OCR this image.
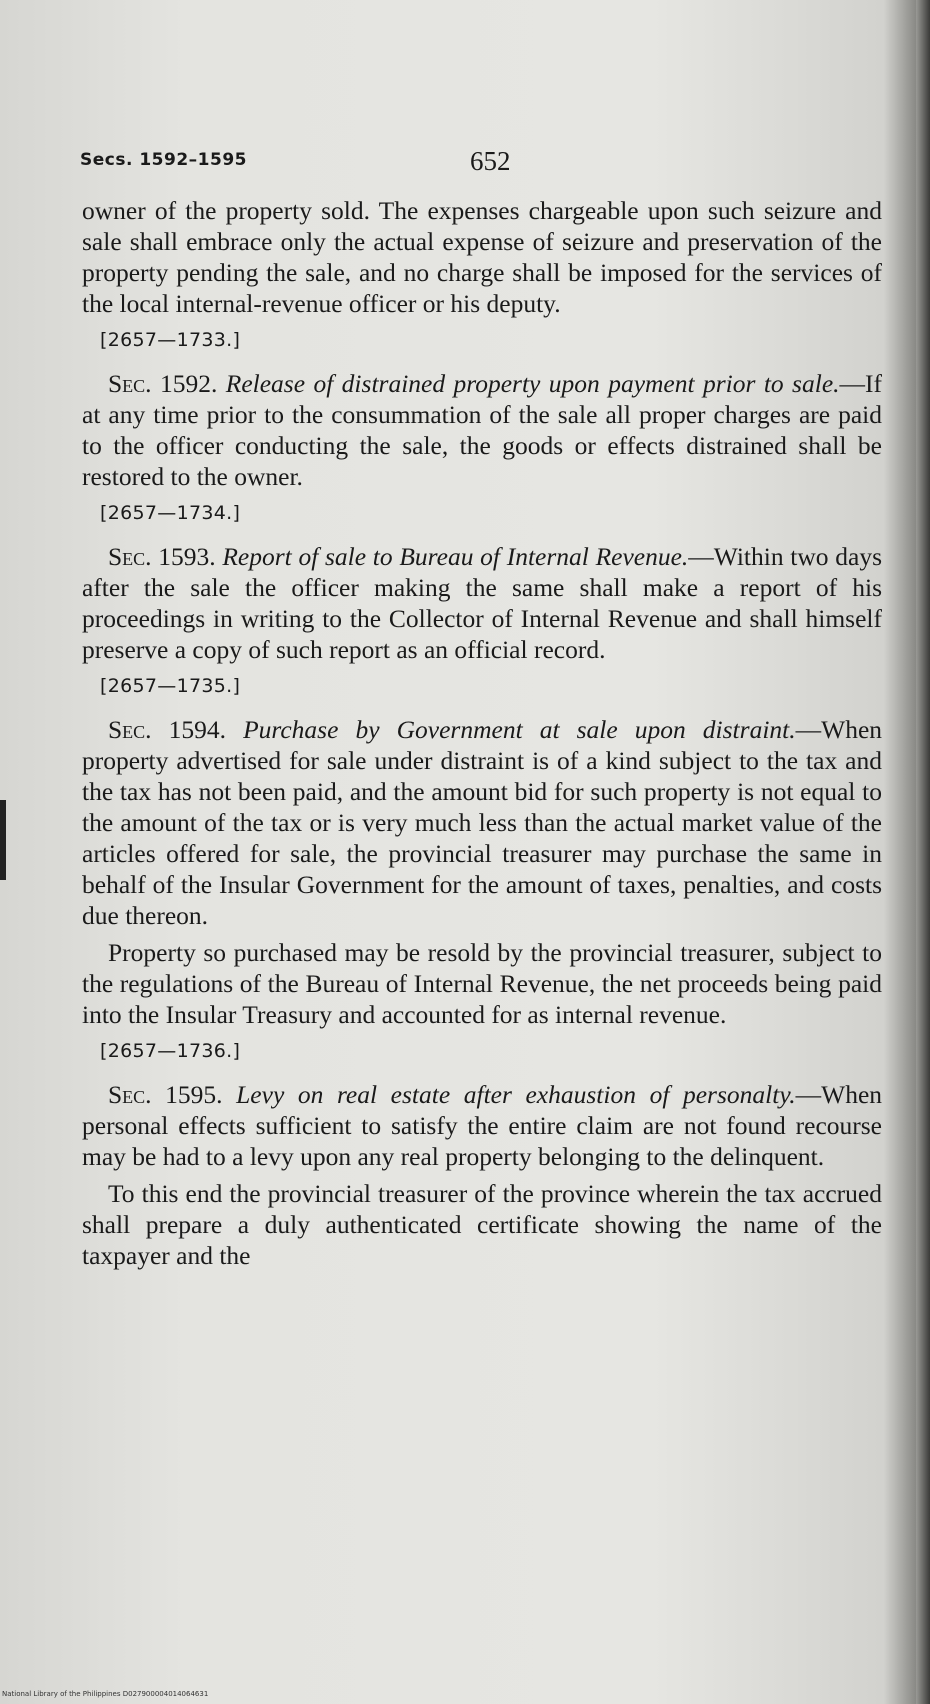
Secs. 1592–1595	652

owner of the property sold. The expenses chargeable upon such seizure and sale shall embrace only the actual expense of seizure and preservation of the property pending the sale, and no charge shall be imposed for the services of the local internal-revenue officer or his deputy.

[2657—1733.]

Sec. 1592. Release of distrained property upon payment prior to sale.—If at any time prior to the consummation of the sale all proper charges are paid to the officer conducting the sale, the goods or effects distrained shall be restored to the owner.

[2657—1734.]

Sec. 1593. Report of sale to Bureau of Internal Revenue.—Within two days after the sale the officer making the same shall make a report of his proceedings in writing to the Collector of Internal Revenue and shall himself preserve a copy of such report as an official record.

[2657—1735.]

Sec. 1594. Purchase by Government at sale upon distraint.—When property advertised for sale under distraint is of a kind subject to the tax and the tax has not been paid, and the amount bid for such property is not equal to the amount of the tax or is very much less than the actual market value of the articles offered for sale, the provincial treasurer may purchase the same in behalf of the Insular Government for the amount of taxes, penalties, and costs due thereon.

Property so purchased may be resold by the provincial treasurer, subject to the regulations of the Bureau of Internal Revenue, the net proceeds being paid into the Insular Treasury and accounted for as internal revenue.

[2657—1736.]

Sec. 1595. Levy on real estate after exhaustion of personalty.—When personal effects sufficient to satisfy the entire claim are not found recourse may be had to a levy upon any real property belonging to the delinquent.

To this end the provincial treasurer of the province wherein the tax accrued shall prepare a duly authenticated certificate showing the name of the taxpayer and the

National Library of the Philippines D027900004014064631
